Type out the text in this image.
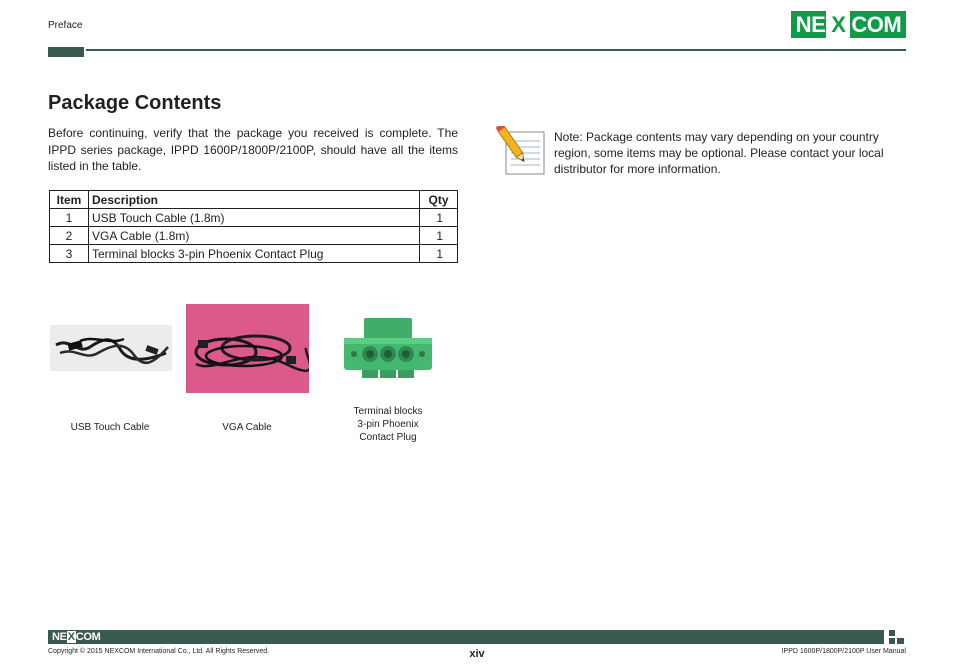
Preface	NE X COM
Package Contents

Before continuing, verify that the package you received is complete. The IPPD series package, IPPD 1600P/1800P/2100P, should have all the items listed in the table.

Item	Description	Qty
1	USB Touch Cable (1.8m)	1
2	VGA Cable (1.8m)	1
3	Terminal blocks 3-pin Phoenix Contact Plug	1

Note: Package contents may vary depending on your country region, some items may be optional. Please contact your local distributor for more information.

USB Touch Cable	VGA Cable
Terminal blocks
3-pin Phoenix
Contact Plug
NEXCOM
Copyright © 2015 NEXCOM International Co., Ltd. All Rights Reserved.	xiv	IPPD 1600P/1800P/2100P User Manual
